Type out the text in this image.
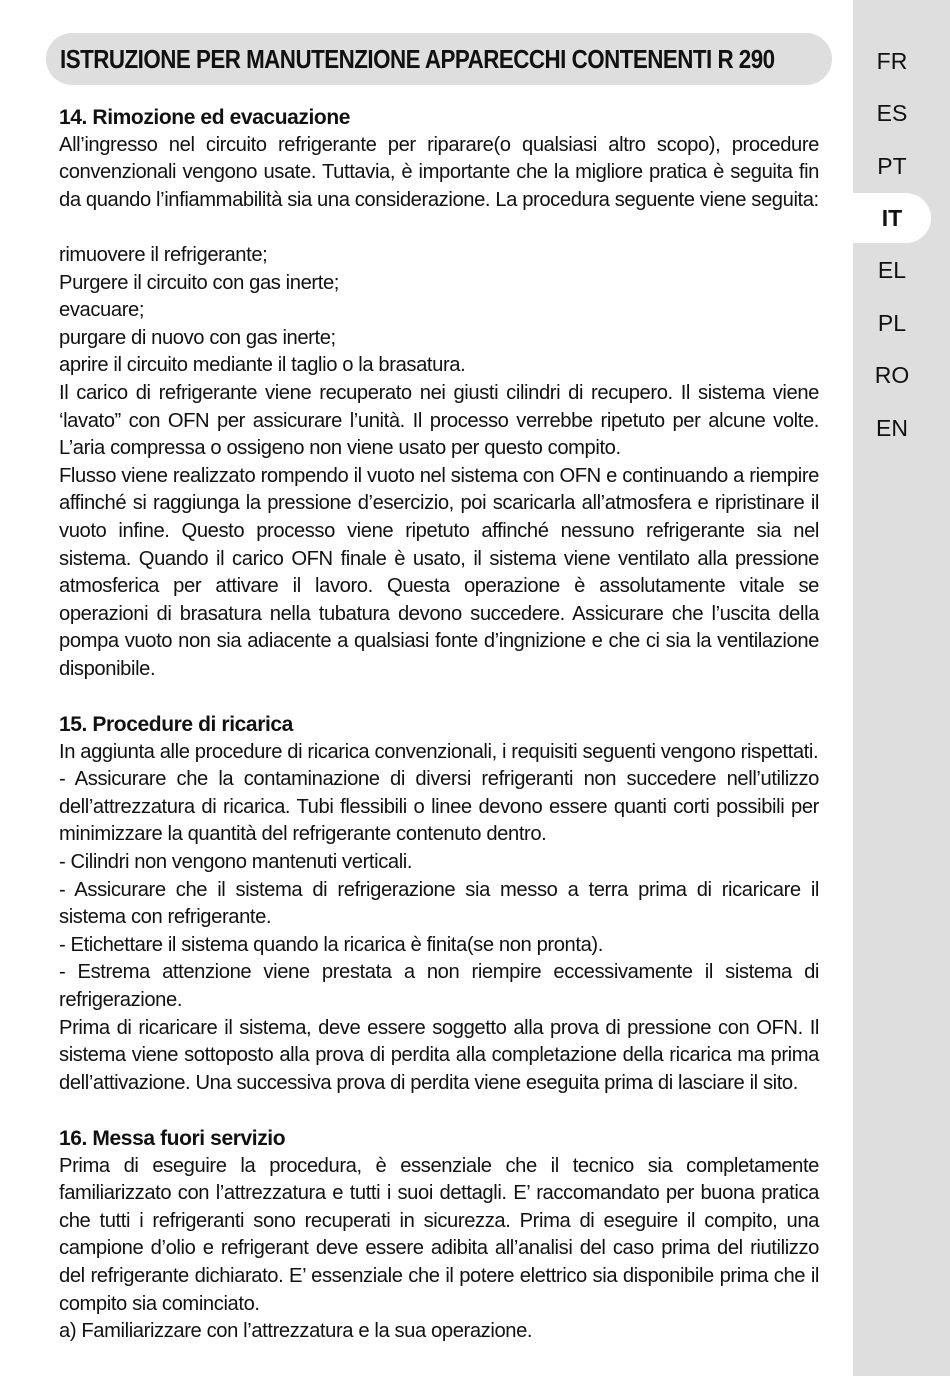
ISTRUZIONE PER MANUTENZIONE APPARECCHI CONTENENTI R 290	FR
ES
PT
IT
EL
PL
RO
EN

14. Rimozione ed evacuazione

All’ingresso nel circuito refrigerante per riparare(o qualsiasi altro scopo), procedure convenzionali vengono usate. Tuttavia, è importante che la migliore pratica è seguita fin da quando l’infiammabilità sia una considerazione. La procedura seguente viene seguita:

rimuovere il refrigerante;
Purgere il circuito con gas inerte;
evacuare;
purgare di nuovo con gas inerte;
aprire il circuito mediante il taglio o la brasatura.

Il carico di refrigerante viene recuperato nei giusti cilindri di recupero. Il sistema viene ‘lavato” con OFN per assicurare l’unità. Il processo verrebbe ripetuto per alcune volte. L’aria compressa o ossigeno non viene usato per questo compito.

Flusso viene realizzato rompendo il vuoto nel sistema con OFN e continuando a riempire affinché si raggiunga la pressione d’esercizio, poi scaricarla all’atmosfera e ripristinare il vuoto infine. Questo processo viene ripetuto affinché nessuno refrigerante sia nel sistema. Quando il carico OFN finale è usato, il sistema viene ventilato alla pressione atmosferica per attivare il lavoro. Questa operazione è assolutamente vitale se operazioni di brasatura nella tubatura devono succedere. Assicurare che l’uscita della pompa vuoto non sia adiacente a qualsiasi fonte d’ingnizione e che ci sia la ventilazione disponibile.

15. Procedure di ricarica

In aggiunta alle procedure di ricarica convenzionali, i requisiti seguenti vengono rispettati.

- Assicurare che la contaminazione di diversi refrigeranti non succedere nell’utilizzo dell’attrezzatura di ricarica. Tubi flessibili o linee devono essere quanti corti possibili per minimizzare la quantità del refrigerante contenuto dentro.

- Cilindri non vengono mantenuti verticali.

- Assicurare che il sistema di refrigerazione sia messo a terra prima di ricaricare il sistema con refrigerante.

- Etichettare il sistema quando la ricarica è finita(se non pronta).

- Estrema attenzione viene prestata a non riempire eccessivamente il sistema di refrigerazione.

Prima di ricaricare il sistema, deve essere soggetto alla prova di pressione con OFN. Il sistema viene sottoposto alla prova di perdita alla completazione della ricarica ma prima dell’attivazione. Una successiva prova di perdita viene eseguita prima di lasciare il sito.

16. Messa fuori servizio

Prima di eseguire la procedura, è essenziale che il tecnico sia completamente familiarizzato con l’attrezzatura e tutti i suoi dettagli. E’ raccomandato per buona pratica che tutti i refrigeranti sono recuperati in sicurezza. Prima di eseguire il compito, una campione d’olio e refrigerant deve essere adibita all’analisi del caso prima del riutilizzo del refrigerante dichiarato. E’ essenziale che il potere elettrico sia disponibile prima che il compito sia cominciato.

a) Familiarizzare con l’attrezzatura e la sua operazione.
